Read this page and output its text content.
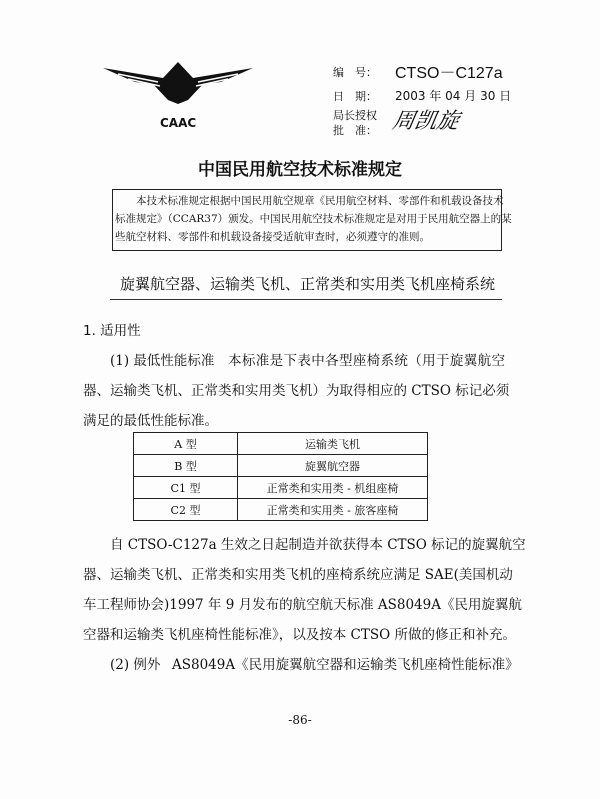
CAAC
编　号： CTSO－C127a
日　期： 2003 年 04 月 30 日
局长授权
批　准： 周凯旋
中国民用航空技术标准规定
本技术标准规定根据中国民用航空规章《民用航空材料、零部件和机载设备技术
标准规定》（CCAR37）颁发。中国民用航空技术标准规定是对用于民用航空器上的某
些航空材料、零部件和机载设备接受适航审查时，必须遵守的准则。
旋翼航空器、运输类飞机、正常类和实用类飞机座椅系统
1. 适用性
(1) 最低性能标准 本标准是下表中各型座椅系统（用于旋翼航空
器、运输类飞机、正常类和实用类飞机）为取得相应的 CTSO 标记必须
满足的最低性能标准。
A 型	运输类飞机
B 型	旋翼航空器
C1 型	正常类和实用类 - 机组座椅
C2 型	正常类和实用类 - 旅客座椅
自 CTSO-C127a 生效之日起制造并欲获得本 CTSO 标记的旋翼航空
器、运输类飞机、正常类和实用类飞机的座椅系统应满足 SAE(美国机动
车工程师协会)1997 年 9 月发布的航空航天标准 AS8049A《民用旋翼航
空器和运输类飞机座椅性能标准》，以及按本 CTSO 所做的修正和补充。
(2) 例外 AS8049A《民用旋翼航空器和运输类飞机座椅性能标准》
-86-
